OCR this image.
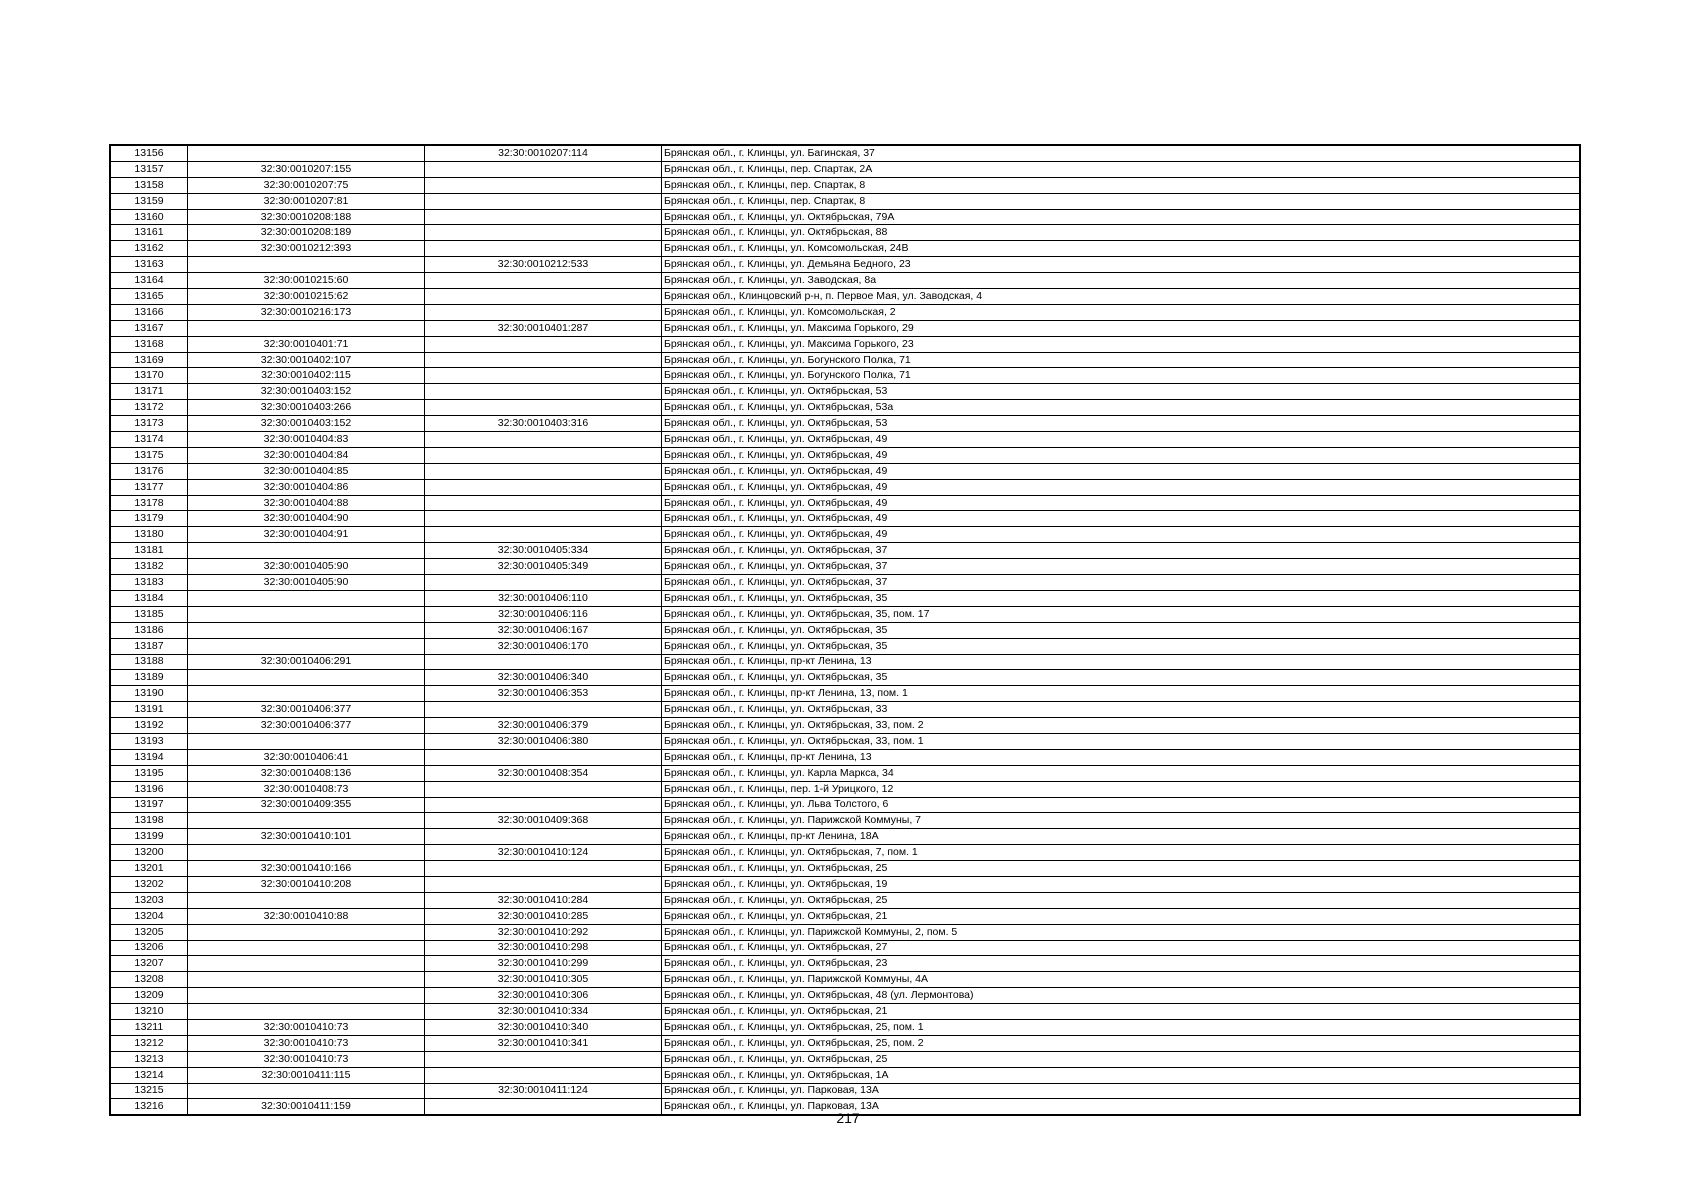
13156		32:30:0010207:114	Брянская обл., г. Клинцы, ул. Багинская, 37
13157	32:30:0010207:155		Брянская обл., г. Клинцы, пер. Спартак, 2А
13158	32:30:0010207:75		Брянская обл., г. Клинцы, пер. Спартак, 8
13159	32:30:0010207:81		Брянская обл., г. Клинцы, пер. Спартак, 8
13160	32:30:0010208:188		Брянская обл., г. Клинцы, ул. Октябрьская, 79А
13161	32:30:0010208:189		Брянская обл., г. Клинцы, ул. Октябрьская, 88
13162	32:30:0010212:393		Брянская обл., г. Клинцы, ул. Комсомольская, 24В
13163		32:30:0010212:533	Брянская обл., г. Клинцы, ул. Демьяна Бедного, 23
13164	32:30:0010215:60		Брянская обл., г. Клинцы, ул. Заводская, 8а
13165	32:30:0010215:62		Брянская обл., Клинцовский р-н, п. Первое Мая, ул. Заводская, 4
13166	32:30:0010216:173		Брянская обл., г. Клинцы, ул. Комсомольская, 2
13167		32:30:0010401:287	Брянская обл., г. Клинцы, ул. Максима Горького, 29
13168	32:30:0010401:71		Брянская обл., г. Клинцы, ул. Максима Горького, 23
13169	32:30:0010402:107		Брянская обл., г. Клинцы, ул. Богунского Полка, 71
13170	32:30:0010402:115		Брянская обл., г. Клинцы, ул. Богунского Полка, 71
13171	32:30:0010403:152		Брянская обл., г. Клинцы, ул. Октябрьская, 53
13172	32:30:0010403:266		Брянская обл., г. Клинцы, ул. Октябрьская, 53а
13173	32:30:0010403:152	32:30:0010403:316	Брянская обл., г. Клинцы, ул. Октябрьская, 53
13174	32:30:0010404:83		Брянская обл., г. Клинцы, ул. Октябрьская, 49
13175	32:30:0010404:84		Брянская обл., г. Клинцы, ул. Октябрьская, 49
13176	32:30:0010404:85		Брянская обл., г. Клинцы, ул. Октябрьская, 49
13177	32:30:0010404:86		Брянская обл., г. Клинцы, ул. Октябрьская, 49
13178	32:30:0010404:88		Брянская обл., г. Клинцы, ул. Октябрьская, 49
13179	32:30:0010404:90		Брянская обл., г. Клинцы, ул. Октябрьская, 49
13180	32:30:0010404:91		Брянская обл., г. Клинцы, ул. Октябрьская, 49
13181		32:30:0010405:334	Брянская обл., г. Клинцы, ул. Октябрьская, 37
13182	32:30:0010405:90	32:30:0010405:349	Брянская обл., г. Клинцы, ул. Октябрьская, 37
13183	32:30:0010405:90		Брянская обл., г. Клинцы, ул. Октябрьская, 37
13184		32:30:0010406:110	Брянская обл., г. Клинцы, ул. Октябрьская, 35
13185		32:30:0010406:116	Брянская обл., г. Клинцы, ул. Октябрьская, 35, пом. 17
13186		32:30:0010406:167	Брянская обл., г. Клинцы, ул. Октябрьская, 35
13187		32:30:0010406:170	Брянская обл., г. Клинцы, ул. Октябрьская, 35
13188	32:30:0010406:291		Брянская обл., г. Клинцы, пр-кт Ленина, 13
13189		32:30:0010406:340	Брянская обл., г. Клинцы, ул. Октябрьская, 35
13190		32:30:0010406:353	Брянская обл., г. Клинцы, пр-кт Ленина, 13, пом. 1
13191	32:30:0010406:377		Брянская обл., г. Клинцы, ул. Октябрьская, 33
13192	32:30:0010406:377	32:30:0010406:379	Брянская обл., г. Клинцы, ул. Октябрьская, 33, пом. 2
13193		32:30:0010406:380	Брянская обл., г. Клинцы, ул. Октябрьская, 33, пом. 1
13194	32:30:0010406:41		Брянская обл., г. Клинцы, пр-кт Ленина, 13
13195	32:30:0010408:136	32:30:0010408:354	Брянская обл., г. Клинцы, ул. Карла Маркса, 34
13196	32:30:0010408:73		Брянская обл., г. Клинцы, пер. 1-й Урицкого, 12
13197	32:30:0010409:355		Брянская обл., г. Клинцы, ул. Льва Толстого, 6
13198		32:30:0010409:368	Брянская обл., г. Клинцы, ул. Парижской Коммуны, 7
13199	32:30:0010410:101		Брянская обл., г. Клинцы, пр-кт Ленина, 18А
13200		32:30:0010410:124	Брянская обл., г. Клинцы, ул. Октябрьская, 7, пом. 1
13201	32:30:0010410:166		Брянская обл., г. Клинцы, ул. Октябрьская, 25
13202	32:30:0010410:208		Брянская обл., г. Клинцы, ул. Октябрьская, 19
13203		32:30:0010410:284	Брянская обл., г. Клинцы, ул. Октябрьская, 25
13204	32:30:0010410:88	32:30:0010410:285	Брянская обл., г. Клинцы, ул. Октябрьская, 21
13205		32:30:0010410:292	Брянская обл., г. Клинцы, ул. Парижской Коммуны, 2, пом. 5
13206		32:30:0010410:298	Брянская обл., г. Клинцы, ул. Октябрьская, 27
13207		32:30:0010410:299	Брянская обл., г. Клинцы, ул. Октябрьская, 23
13208		32:30:0010410:305	Брянская обл., г. Клинцы, ул. Парижской Коммуны, 4А
13209		32:30:0010410:306	Брянская обл., г. Клинцы, ул. Октябрьская, 48 (ул. Лермонтова)
13210		32:30:0010410:334	Брянская обл., г. Клинцы, ул. Октябрьская, 21
13211	32:30:0010410:73	32:30:0010410:340	Брянская обл., г. Клинцы, ул. Октябрьская, 25, пом. 1
13212	32:30:0010410:73	32:30:0010410:341	Брянская обл., г. Клинцы, ул. Октябрьская, 25, пом. 2
13213	32:30:0010410:73		Брянская обл., г. Клинцы, ул. Октябрьская, 25
13214	32:30:0010411:115		Брянская обл., г. Клинцы, ул. Октябрьская, 1А
13215		32:30:0010411:124	Брянская обл., г. Клинцы, ул. Парковая, 13А
13216	32:30:0010411:159		Брянская обл., г. Клинцы, ул. Парковая, 13А
217
